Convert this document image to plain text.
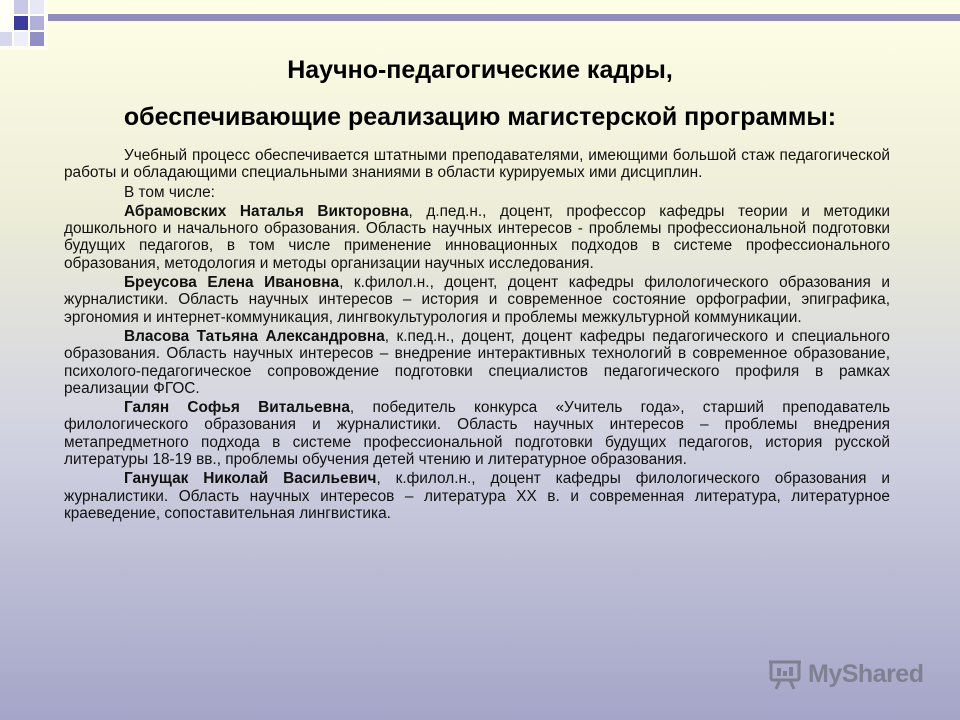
Научно-педагогические кадры,
обеспечивающие реализацию магистерской программы:

Учебный процесс обеспечивается штатными преподавателями, имеющими большой стаж педагогической работы и обладающими специальными знаниями в области курируемых ими дисциплин.

В том числе:

Абрамовских Наталья Викторовна, д.пед.н., доцент, профессор кафедры теории и методики дошкольного и начального образования. Область научных интересов - проблемы профессиональной подготовки будущих педагогов, в том числе применение инновационных подходов в системе профессионального образования, методология и методы организации научных исследования.

Бреусова Елена Ивановна, к.филол.н., доцент, доцент кафедры филологического образования и журналистики. Область научных интересов – история и современное состояние орфографии, эпиграфика, эргономия и интернет-коммуникация, лингвокультурология и проблемы межкультурной коммуникации.

Власова Татьяна Александровна, к.пед.н., доцент, доцент кафедры педагогического и специального образования. Область научных интересов – внедрение интерактивных технологий в современное образование, психолого-педагогическое сопровождение подготовки специалистов педагогического профиля в рамках реализации ФГОС.

Галян Софья Витальевна, победитель конкурса «Учитель года», старший преподаватель филологического образования и журналистики. Область научных интересов – проблемы внедрения метапредметного подхода в системе профессиональной подготовки будущих педагогов, история русской литературы 18-19 вв., проблемы обучения детей чтению и литературное образования.

Ганущак Николай Васильевич, к.филол.н., доцент кафедры филологического образования и журналистики. Область научных интересов – литература XX в. и современная литература, литературное краеведение, сопоставительная лингвистика.

MyShared
